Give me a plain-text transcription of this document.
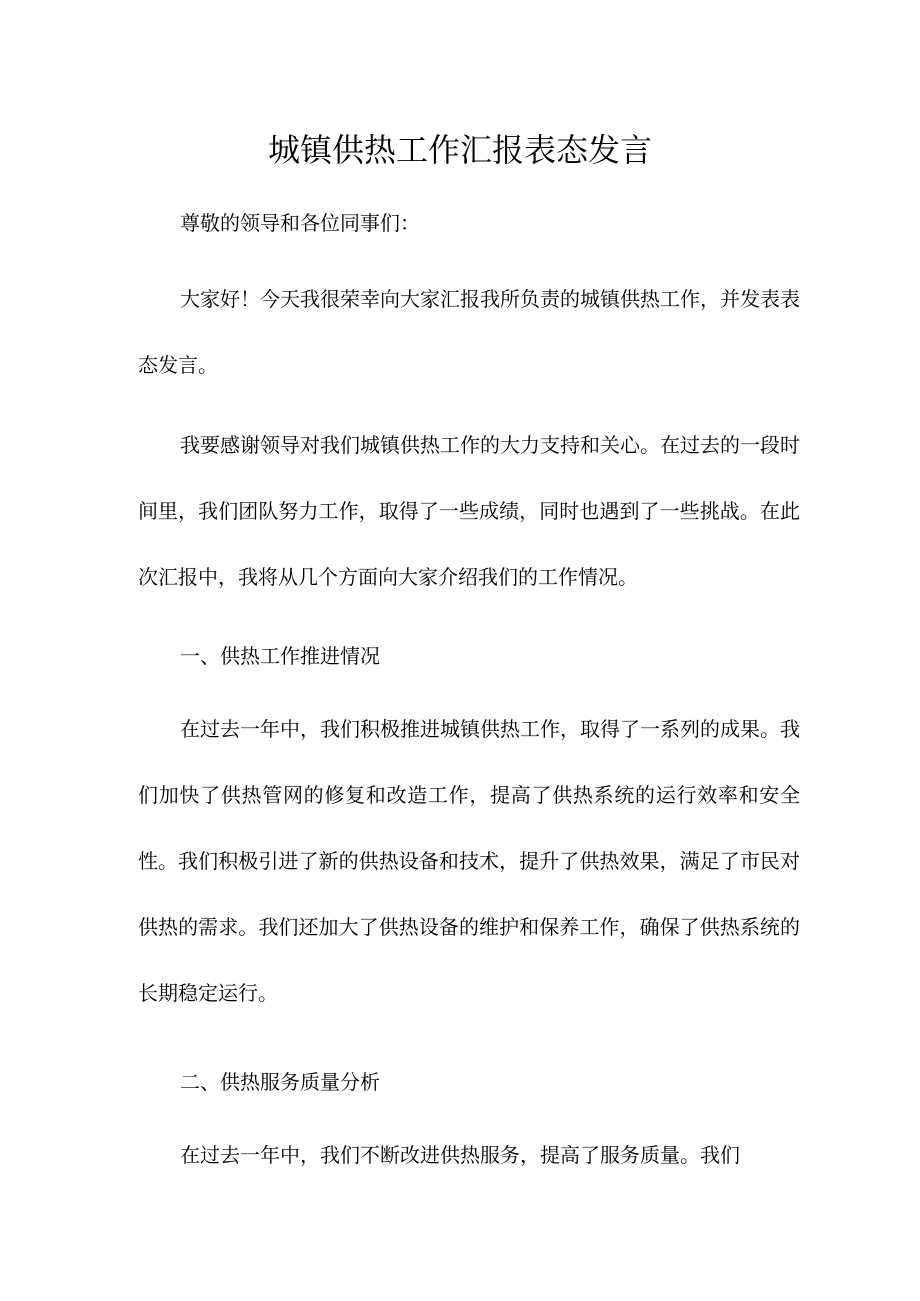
城镇供热工作汇报表态发言

尊敬的领导和各位同事们：

大家好！今天我很荣幸向大家汇报我所负责的城镇供热工作，并发表表态发言。

我要感谢领导对我们城镇供热工作的大力支持和关心。在过去的一段时间里，我们团队努力工作，取得了一些成绩，同时也遇到了一些挑战。在此次汇报中，我将从几个方面向大家介绍我们的工作情况。

一、供热工作推进情况

在过去一年中，我们积极推进城镇供热工作，取得了一系列的成果。我们加快了供热管网的修复和改造工作，提高了供热系统的运行效率和安全性。我们积极引进了新的供热设备和技术，提升了供热效果，满足了市民对供热的需求。我们还加大了供热设备的维护和保养工作，确保了供热系统的长期稳定运行。

二、供热服务质量分析

在过去一年中，我们不断改进供热服务，提高了服务质量。我们
